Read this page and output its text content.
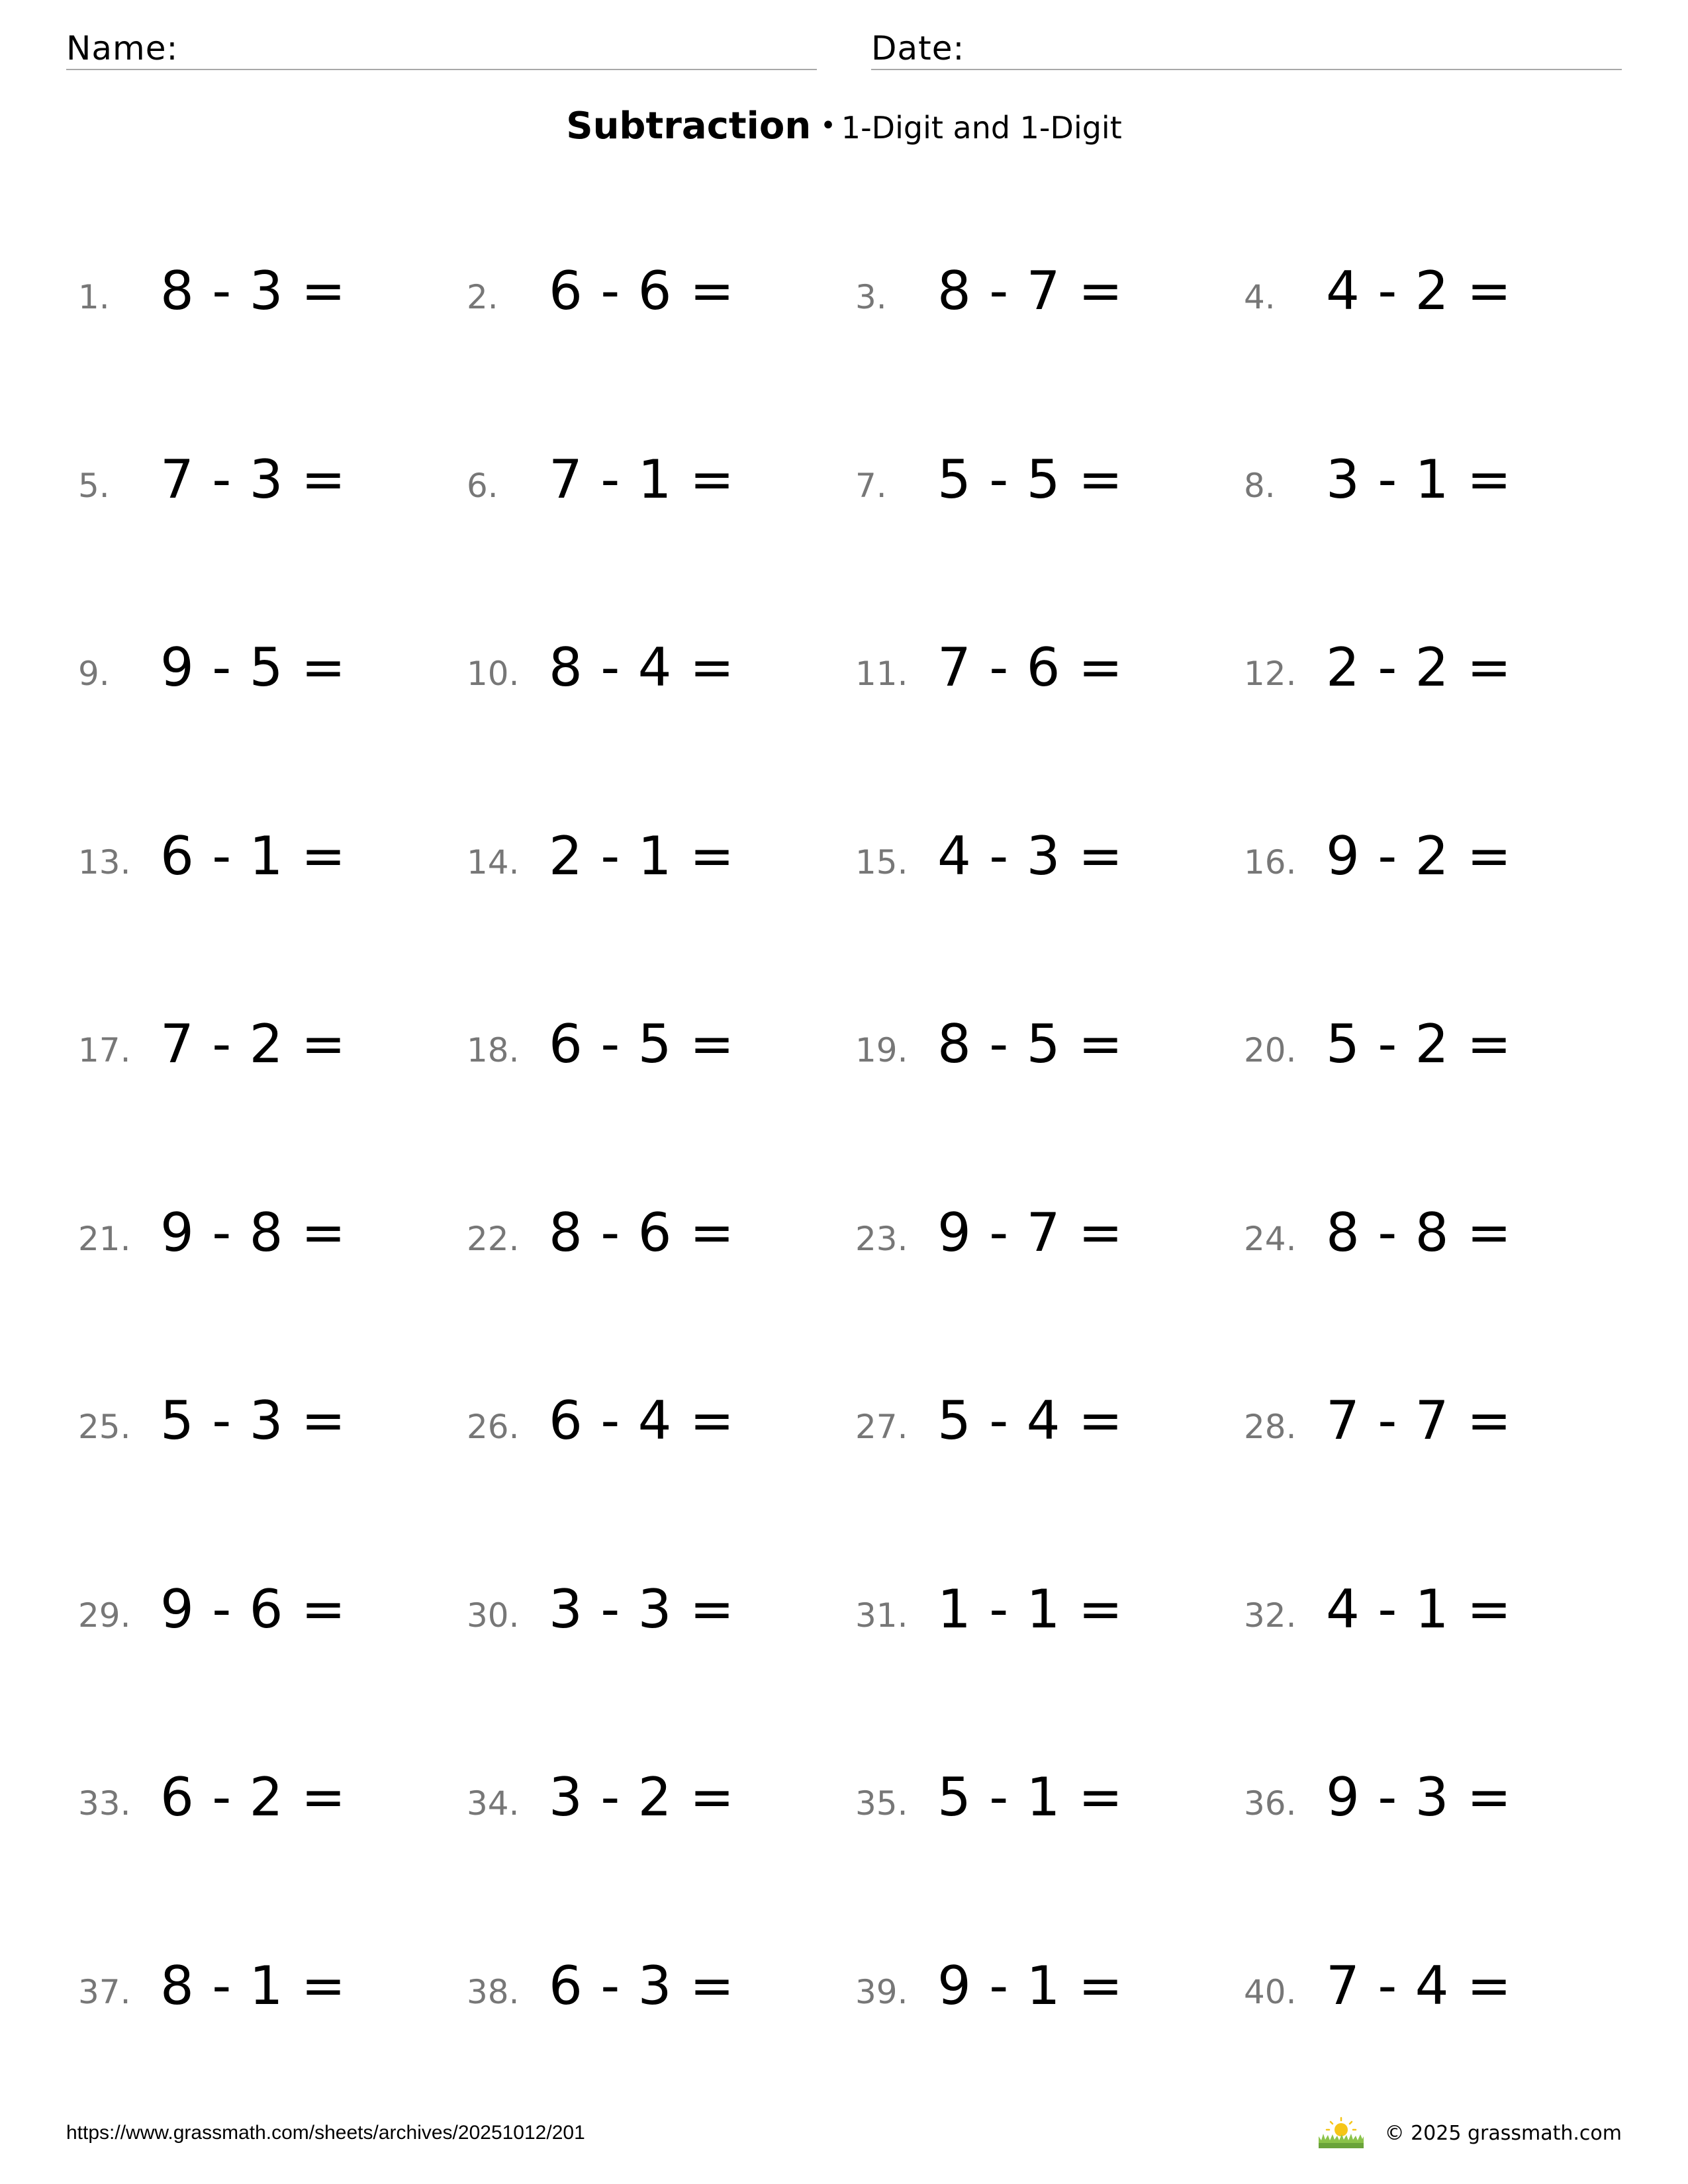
Name:	Date:
Subtraction • 1-Digit and 1-Digit
1. 8 - 3 =	2. 6 - 6 =	3. 8 - 7 =	4. 4 - 2 =
5. 7 - 3 =	6. 7 - 1 =	7. 5 - 5 =	8. 3 - 1 =
9. 9 - 5 =	10. 8 - 4 =	11. 7 - 6 =	12. 2 - 2 =
13. 6 - 1 =	14. 2 - 1 =	15. 4 - 3 =	16. 9 - 2 =
17. 7 - 2 =	18. 6 - 5 =	19. 8 - 5 =	20. 5 - 2 =
21. 9 - 8 =	22. 8 - 6 =	23. 9 - 7 =	24. 8 - 8 =
25. 5 - 3 =	26. 6 - 4 =	27. 5 - 4 =	28. 7 - 7 =
29. 9 - 6 =	30. 3 - 3 =	31. 1 - 1 =	32. 4 - 1 =
33. 6 - 2 =	34. 3 - 2 =	35. 5 - 1 =	36. 9 - 3 =
37. 8 - 1 =	38. 6 - 3 =	39. 9 - 1 =	40. 7 - 4 =
https://www.grassmath.com/sheets/archives/20251012/201	© 2025 grassmath.com
